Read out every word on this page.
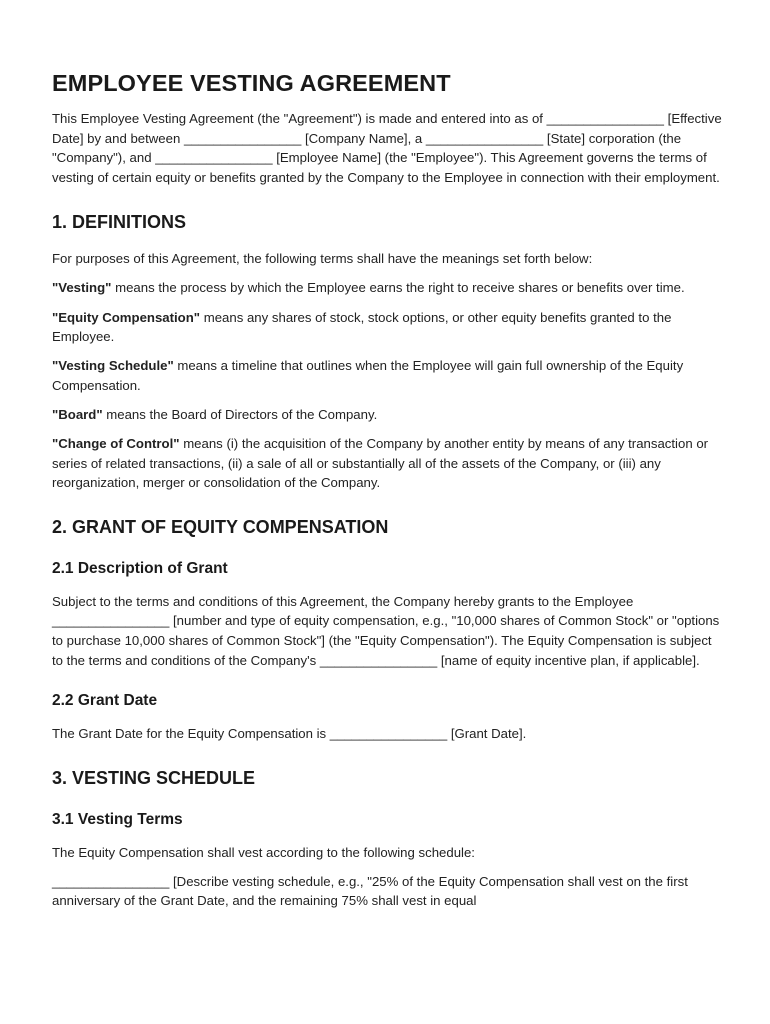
EMPLOYEE VESTING AGREEMENT

This Employee Vesting Agreement (the "Agreement") is made and entered into as of ________________ [Effective Date] by and between ________________ [Company Name], a ________________ [State] corporation (the "Company"), and ________________ [Employee Name] (the "Employee"). This Agreement governs the terms of vesting of certain equity or benefits granted by the Company to the Employee in connection with their employment.

1. DEFINITIONS

For purposes of this Agreement, the following terms shall have the meanings set forth below:

"Vesting" means the process by which the Employee earns the right to receive shares or benefits over time.

"Equity Compensation" means any shares of stock, stock options, or other equity benefits granted to the Employee.

"Vesting Schedule" means a timeline that outlines when the Employee will gain full ownership of the Equity Compensation.

"Board" means the Board of Directors of the Company.

"Change of Control" means (i) the acquisition of the Company by another entity by means of any transaction or series of related transactions, (ii) a sale of all or substantially all of the assets of the Company, or (iii) any reorganization, merger or consolidation of the Company.

2. GRANT OF EQUITY COMPENSATION
2.1 Description of Grant

Subject to the terms and conditions of this Agreement, the Company hereby grants to the Employee ________________ [number and type of equity compensation, e.g., "10,000 shares of Common Stock" or "options to purchase 10,000 shares of Common Stock"] (the "Equity Compensation"). The Equity Compensation is subject to the terms and conditions of the Company's ________________ [name of equity incentive plan, if applicable].

2.2 Grant Date

The Grant Date for the Equity Compensation is ________________ [Grant Date].

3. VESTING SCHEDULE
3.1 Vesting Terms

The Equity Compensation shall vest according to the following schedule:

________________ [Describe vesting schedule, e.g., "25% of the Equity Compensation shall vest on the first anniversary of the Grant Date, and the remaining 75% shall vest in equal
